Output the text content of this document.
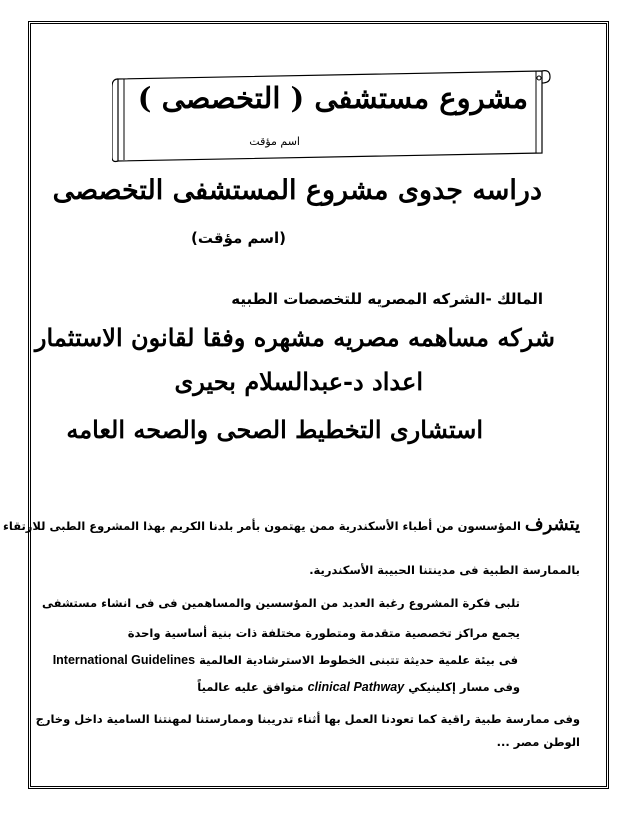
مشروع مستشفى ( التخصصى )
اسم مؤقت
دراسه جدوى مشروع المستشفى التخصصى
(اسم مؤقت)
المالك -الشركه المصريه للتخصصات الطبيه
شركه مساهمه مصريه مشهره وفقا لقانون الاستثمار
اعداد د-عبدالسلام بحيرى
استشارى التخطيط الصحى والصحه العامه
يتشرف المؤسسون من أطباء الأسكندرية ممن يهتمون بأمر بلدنا الكريم بهذا المشروع الطبى للارتقاء
بالممارسة الطبية فى مدينتنا الحبيبة الأسكندرية.
تلبى فكرة المشروع رغبة العديد من المؤسسين والمساهمين فى فى انشاء مستشفى
يجمع مراكز تخصصية متقدمة ومتطورة مختلفة ذات بنية أساسية واحدة
فى بيئة علمية حديثة تتبنى الخطوط الاسترشادية العالمية International Guidelines
وفى مسار إكلينيكي clinical Pathway متوافق عليه عالمياً
وفى ممارسة طبية راقية كما تعودنا العمل بها أثناء تدريبنا وممارستنا لمهنتنا السامية داخل وخارج
الوطن مصر ...
